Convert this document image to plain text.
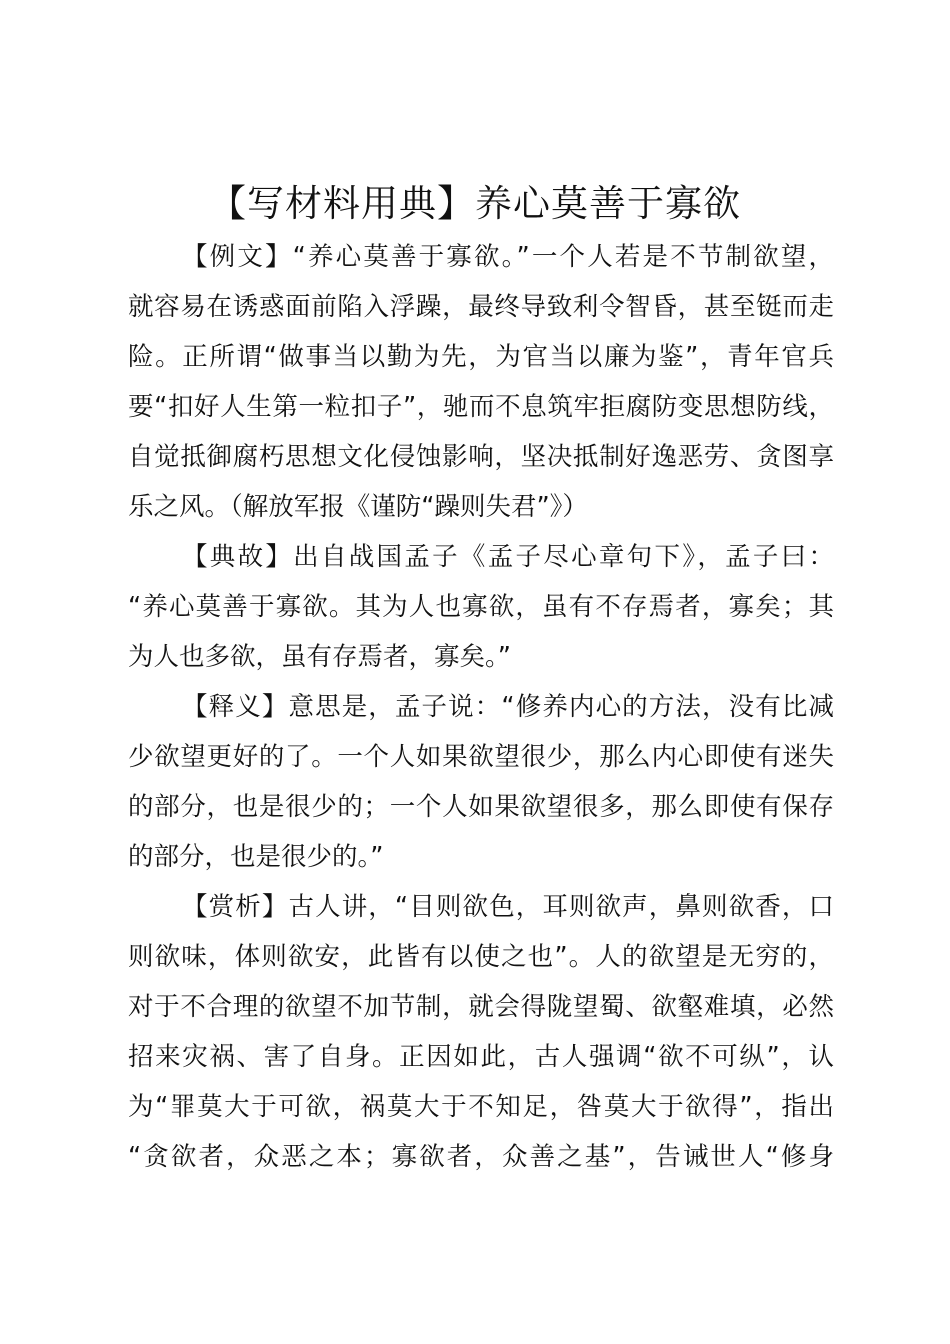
【写材料用典】养心莫善于寡欲
【例文】“养心莫善于寡欲。”一个人若是不节制欲望，
就容易在诱惑面前陷入浮躁，最终导致利令智昏，甚至铤而走
险。正所谓“做事当以勤为先，为官当以廉为鉴”，青年官兵
要“扣好人生第一粒扣子”，驰而不息筑牢拒腐防变思想防线，
自觉抵御腐朽思想文化侵蚀影响，坚决抵制好逸恶劳、贪图享
乐之风。（解放军报《谨防“躁则失君”》）
【典故】出自战国孟子《孟子尽心章句下》，孟子曰：
“养心莫善于寡欲。其为人也寡欲，虽有不存焉者，寡矣；其
为人也多欲，虽有存焉者，寡矣。”
【释义】意思是，孟子说：“修养内心的方法，没有比减
少欲望更好的了。一个人如果欲望很少，那么内心即使有迷失
的部分，也是很少的；一个人如果欲望很多，那么即使有保存
的部分，也是很少的。”
【赏析】古人讲，“目则欲色，耳则欲声，鼻则欲香，口
则欲味，体则欲安，此皆有以使之也”。人的欲望是无穷的，
对于不合理的欲望不加节制，就会得陇望蜀、欲壑难填，必然
招来灾祸、害了自身。正因如此，古人强调“欲不可纵”，认
为“罪莫大于可欲，祸莫大于不知足，咎莫大于欲得”，指出
“贪欲者，众恶之本；寡欲者，众善之基”，告诫世人“修身
